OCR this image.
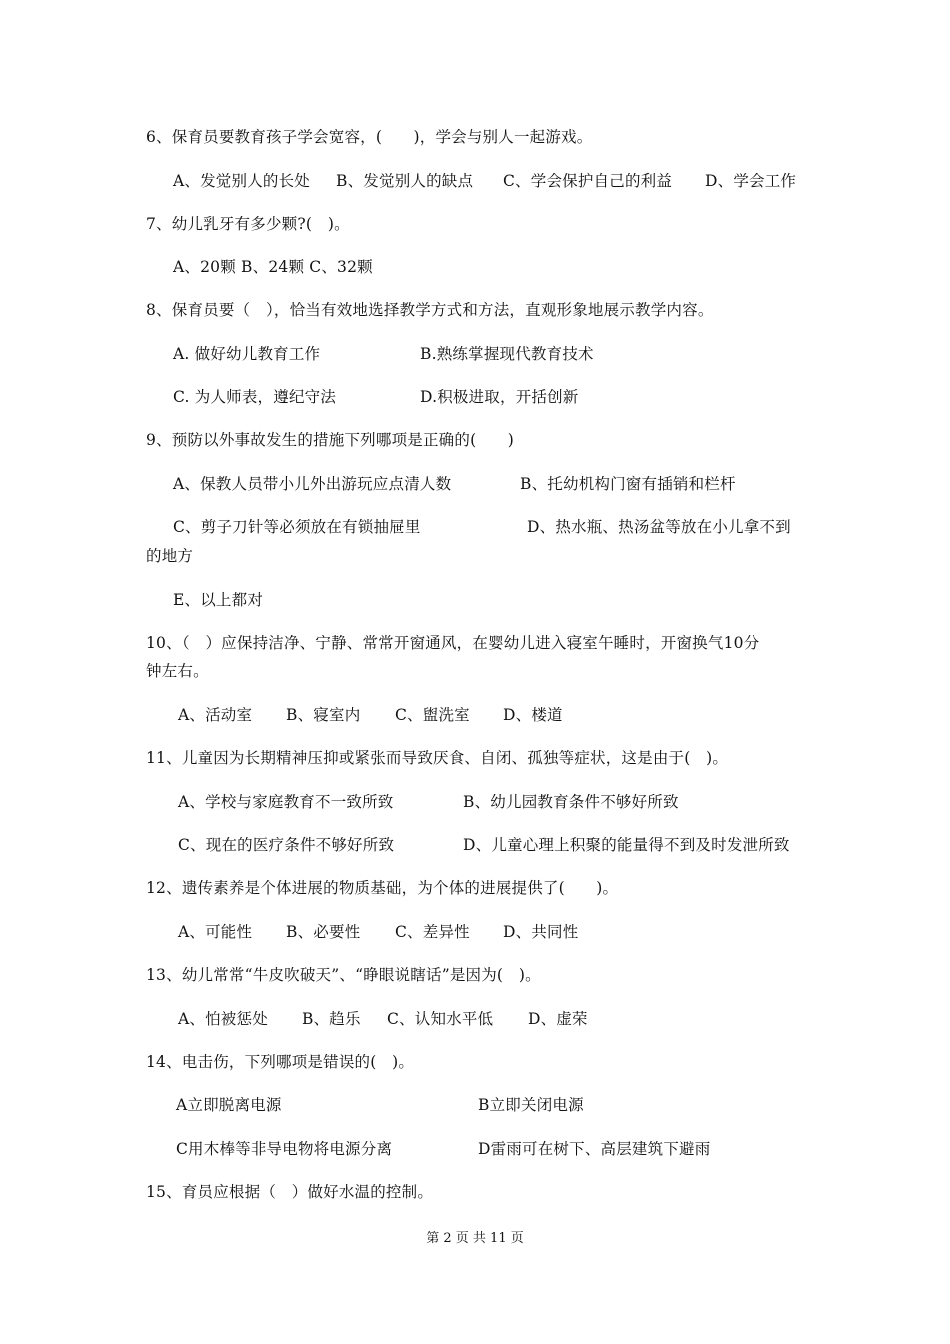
6、保育员要教育孩子学会宽容，(　　)，学会与别人一起游戏。
A、发觉别人的长处 B、发觉别人的缺点 C、学会保护自己的利益 D、学会工作
7、幼儿乳牙有多少颗?(　)。
A、20颗 B、24颗 C、32颗
8、保育员要（　），恰当有效地选择教学方式和方法，直观形象地展示教学内容。
A. 做好幼儿教育工作	B.熟练掌握现代教育技术
C. 为人师表，遵纪守法	D.积极进取，开括创新
9、预防以外事故发生的措施下列哪项是正确的(　　)
A、保教人员带小儿外出游玩应点清人数	B、托幼机构门窗有插销和栏杆
C、剪子刀针等必须放在有锁抽屉里	D、热水瓶、热汤盆等放在小儿拿不到
的地方
E、以上都对
10、（　）应保持洁净、宁静、常常开窗通风，在婴幼儿进入寝室午睡时，开窗换气10分
钟左右。
A、活动室 B、寝室内 C、盥洗室 D、楼道
11、儿童因为长期精神压抑或紧张而导致厌食、自闭、孤独等症状，这是由于(　)。
A、学校与家庭教育不一致所致	B、幼儿园教育条件不够好所致
C、现在的医疗条件不够好所致	D、儿童心理上积聚的能量得不到及时发泄所致
12、遗传素养是个体进展的物质基础，为个体的进展提供了(　　)。
A、可能性 B、必要性 C、差异性 D、共同性
13、幼儿常常“牛皮吹破天”、“睁眼说瞎话”是因为(　)。
A、怕被惩处 B、趋乐 C、认知水平低 D、虚荣
14、电击伤，下列哪项是错误的(　)。
A立即脱离电源	B立即关闭电源
C用木棒等非导电物将电源分离	D雷雨可在树下、高层建筑下避雨
15、育员应根据（　）做好水温的控制。
第 2 页 共 11 页
